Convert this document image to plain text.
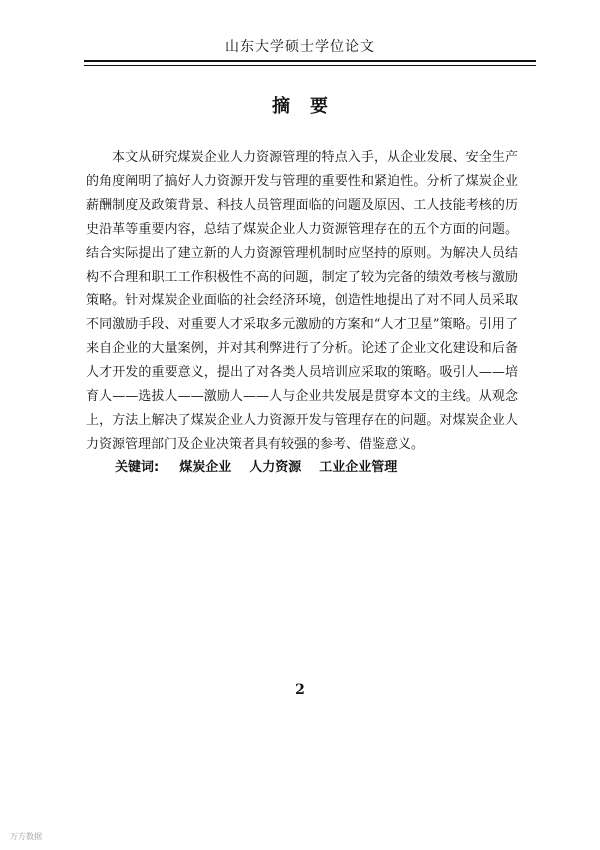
山东大学硕士学位论文
摘 要
本文从研究煤炭企业人力资源管理的特点入手，从企业发展、安全生产的角度阐明了搞好人力资源开发与管理的重要性和紧迫性。分析了煤炭企业薪酬制度及政策背景、科技人员管理面临的问题及原因、工人技能考核的历史沿革等重要内容，总结了煤炭企业人力资源管理存在的五个方面的问题。结合实际提出了建立新的人力资源管理机制时应坚持的原则。为解决人员结构不合理和职工工作积极性不高的问题，制定了较为完备的绩效考核与激励策略。针对煤炭企业面临的社会经济环境，创造性地提出了对不同人员采取不同激励手段、对重要人才采取多元激励的方案和“人才卫星”策略。引用了来自企业的大量案例，并对其利弊进行了分析。论述了企业文化建设和后备人才开发的重要意义，提出了对各类人员培训应采取的策略。吸引人——培育人——选拔人——激励人——人与企业共发展是贯穿本文的主线。从观念上，方法上解决了煤炭企业人力资源开发与管理存在的问题。对煤炭企业人力资源管理部门及企业决策者具有较强的参考、借鉴意义。
关键词: 煤炭企业 人力资源 工业企业管理
2
万方数据
